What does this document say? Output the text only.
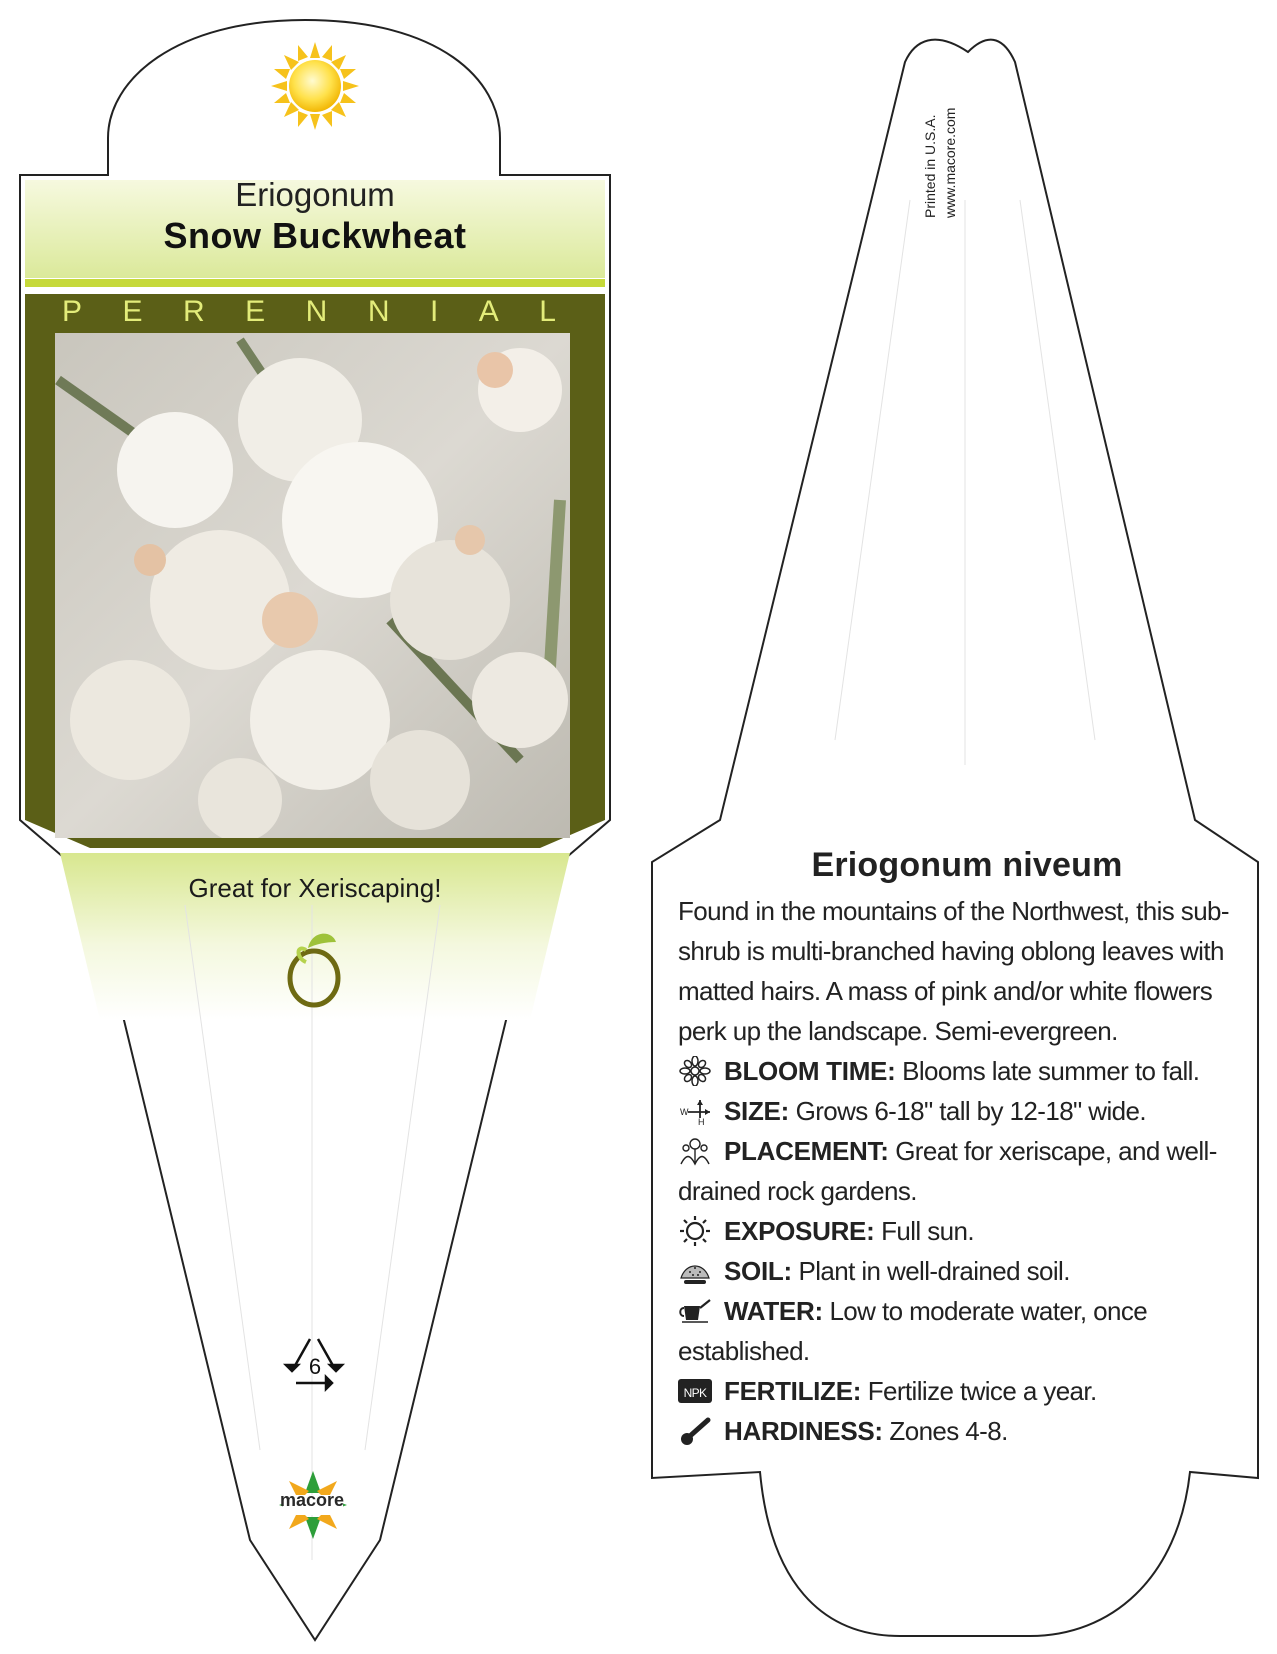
Eriogonum
Snow Buckwheat
P E R E N N I A L
Great for Xeriscaping!
6
macore
Printed in U.S.A. www.macore.com
Eriogonum niveum

Found in the mountains of the Northwest, this sub-shrub is multi-branched having oblong leaves with matted hairs. A mass of pink and/or white flowers perk up the landscape. Semi-evergreen.

BLOOM TIME: Blooms late summer to fall.
W
H SIZE: Grows 6-18" tall by 12-18" wide.
PLACEMENT: Great for xeriscape, and well-drained rock gardens.
EXPOSURE: Full sun.
SOIL: Plant in well-drained soil.
WATER: Low to moderate water, once established.
NPK FERTILIZE: Fertilize twice a year.
HARDINESS: Zones 4-8.
